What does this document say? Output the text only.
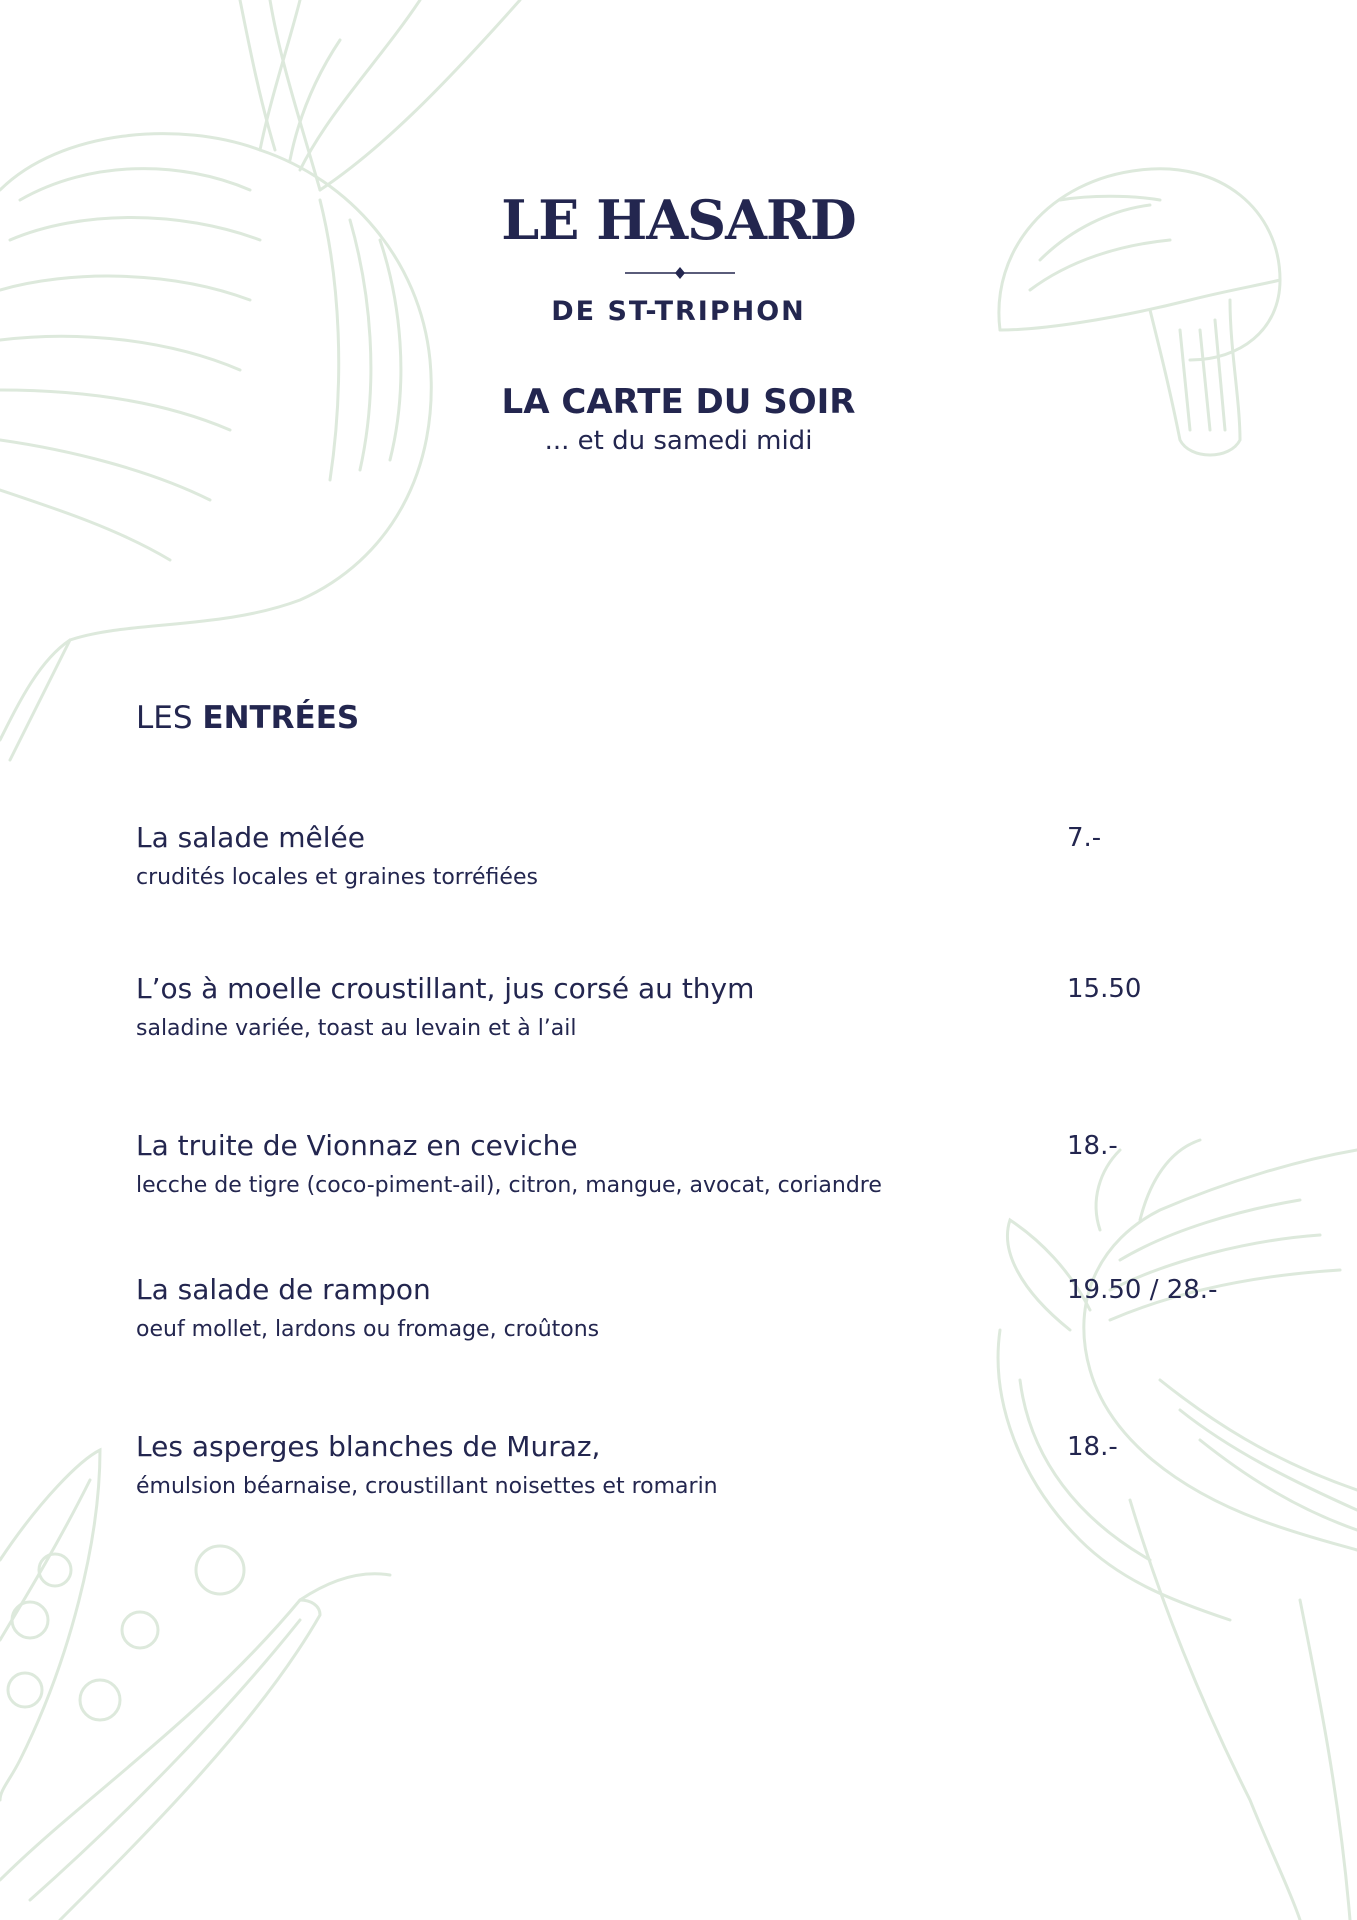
LE HASARD
DE ST-TRIPHON
LA CARTE DU SOIR
... et du samedi midi
LES ENTRÉES
La salade mêlée
crudités locales et graines torréfiées
7.-
L’os à moelle croustillant, jus corsé au thym
saladine variée, toast au levain et à l’ail
15.50
La truite de Vionnaz en ceviche
lecche de tigre (coco-piment-ail), citron, mangue, avocat, coriandre
18.-
La salade de rampon
oeuf mollet, lardons ou fromage, croûtons
19.50 / 28.-
Les asperges blanches de Muraz,
émulsion béarnaise, croustillant noisettes et romarin
18.-
